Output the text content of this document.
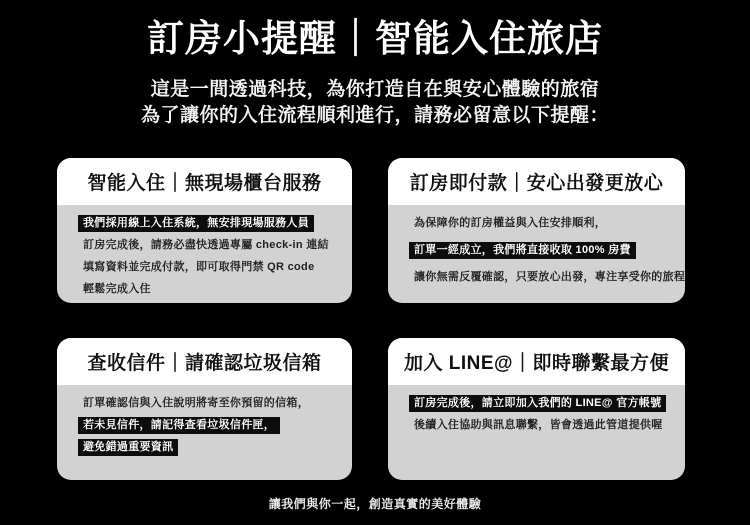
訂房小提醒｜智能入住旅店
這是一間透過科技，為你打造自在與安心體驗的旅宿
為了讓你的入住流程順利進行，請務必留意以下提醒：
智能入住｜無現場櫃台服務
我們採用線上入住系統，無安排現場服務人員
訂房完成後，請務必盡快透過專屬 check-in 連結
填寫資料並完成付款，即可取得門禁 QR code
輕鬆完成入住
訂房即付款｜安心出發更放心
為保障你的訂房權益與入住安排順利，
訂單一經成立，我們將直接收取 100% 房費
讓你無需反覆確認，只要放心出發，專注享受你的旅程
查收信件｜請確認垃圾信箱
訂單確認信與入住說明將寄至你預留的信箱，
若未見信件，請記得查看垃圾信件匣，
避免錯過重要資訊
加入 LINE@｜即時聯繫最方便
訂房完成後，請立即加入我們的 LINE@ 官方帳號
後續入住協助與訊息聯繫，皆會透過此管道提供喔
讓我們與你一起，創造真實的美好體驗
